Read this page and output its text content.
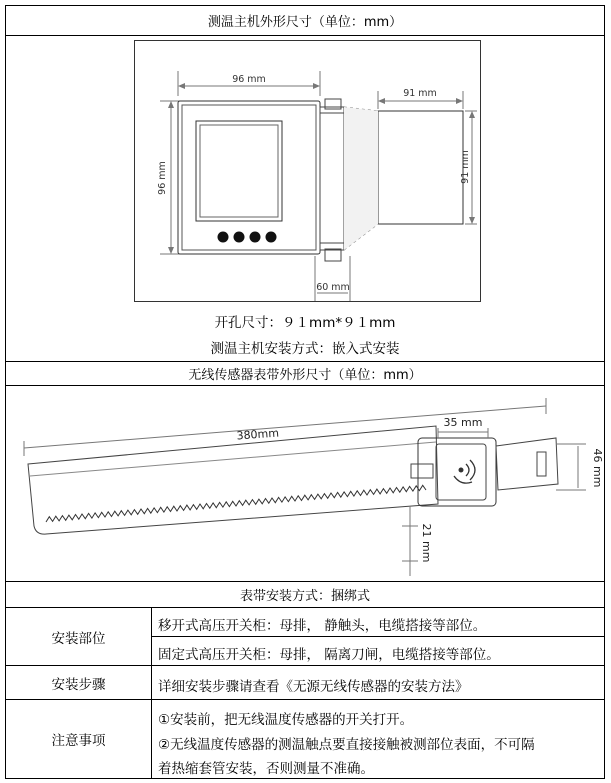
测温主机外形尺寸（单位：mm）
96 mm
96 mm
91 mm
91 mm
60 mm
开孔尺寸：９１mm*９１mm
测温主机安装方式：嵌入式安装
无线传感器表带外形尺寸（单位：mm）
380mm
35 mm
46 mm
21 mm
表带安装方式：捆绑式
安装部位
移开式高压开关柜：母排， 静触头，电缆搭接等部位。
固定式高压开关柜：母排， 隔离刀闸，电缆搭接等部位。
安装步骤	详细安装步骤请查看《无源无线传感器的安装方法》
注意事项
①安装前，把无线温度传感器的开关打开。
②无线温度传感器的测温触点要直接接触被测部位表面，不可隔
着热缩套管安装，否则测量不准确。
